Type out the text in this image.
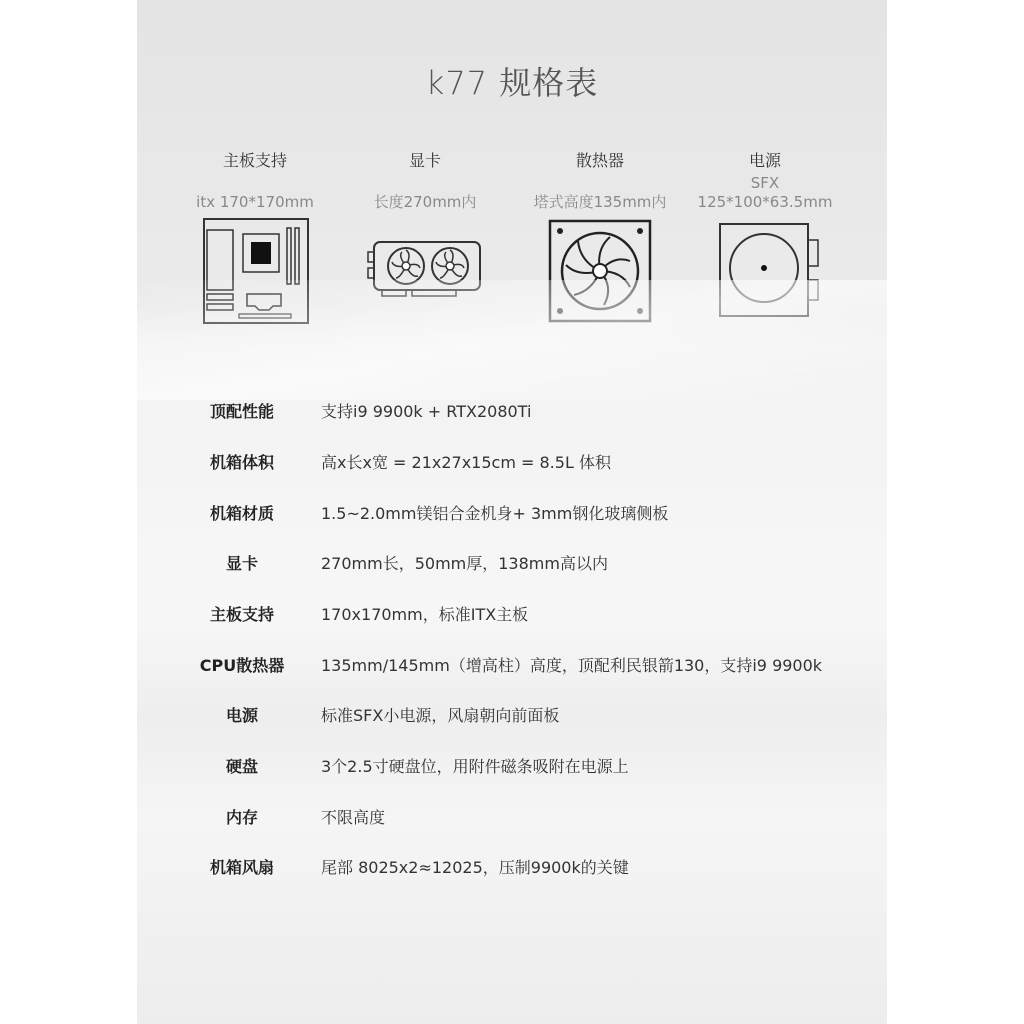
k77 规格表
主板支持
itx 170*170mm
显卡
长度270mm内
散热器
塔式高度135mm内
电源
SFX
125*100*63.5mm
顶配性能	支持i9 9900k + RTX2080Ti
机箱体积	高x长x宽 = 21x27x15cm = 8.5L 体积
机箱材质	1.5~2.0mm镁铝合金机身+ 3mm钢化玻璃侧板
显卡	270mm长，50mm厚，138mm高以内
主板支持	170x170mm，标准ITX主板
CPU散热器	135mm/145mm（增高柱）高度，顶配利民银箭130，支持i9 9900k
电源	标准SFX小电源，风扇朝向前面板
硬盘	3个2.5寸硬盘位，用附件磁条吸附在电源上
内存	不限高度
机箱风扇	尾部 8025x2≈12025，压制9900k的关键
